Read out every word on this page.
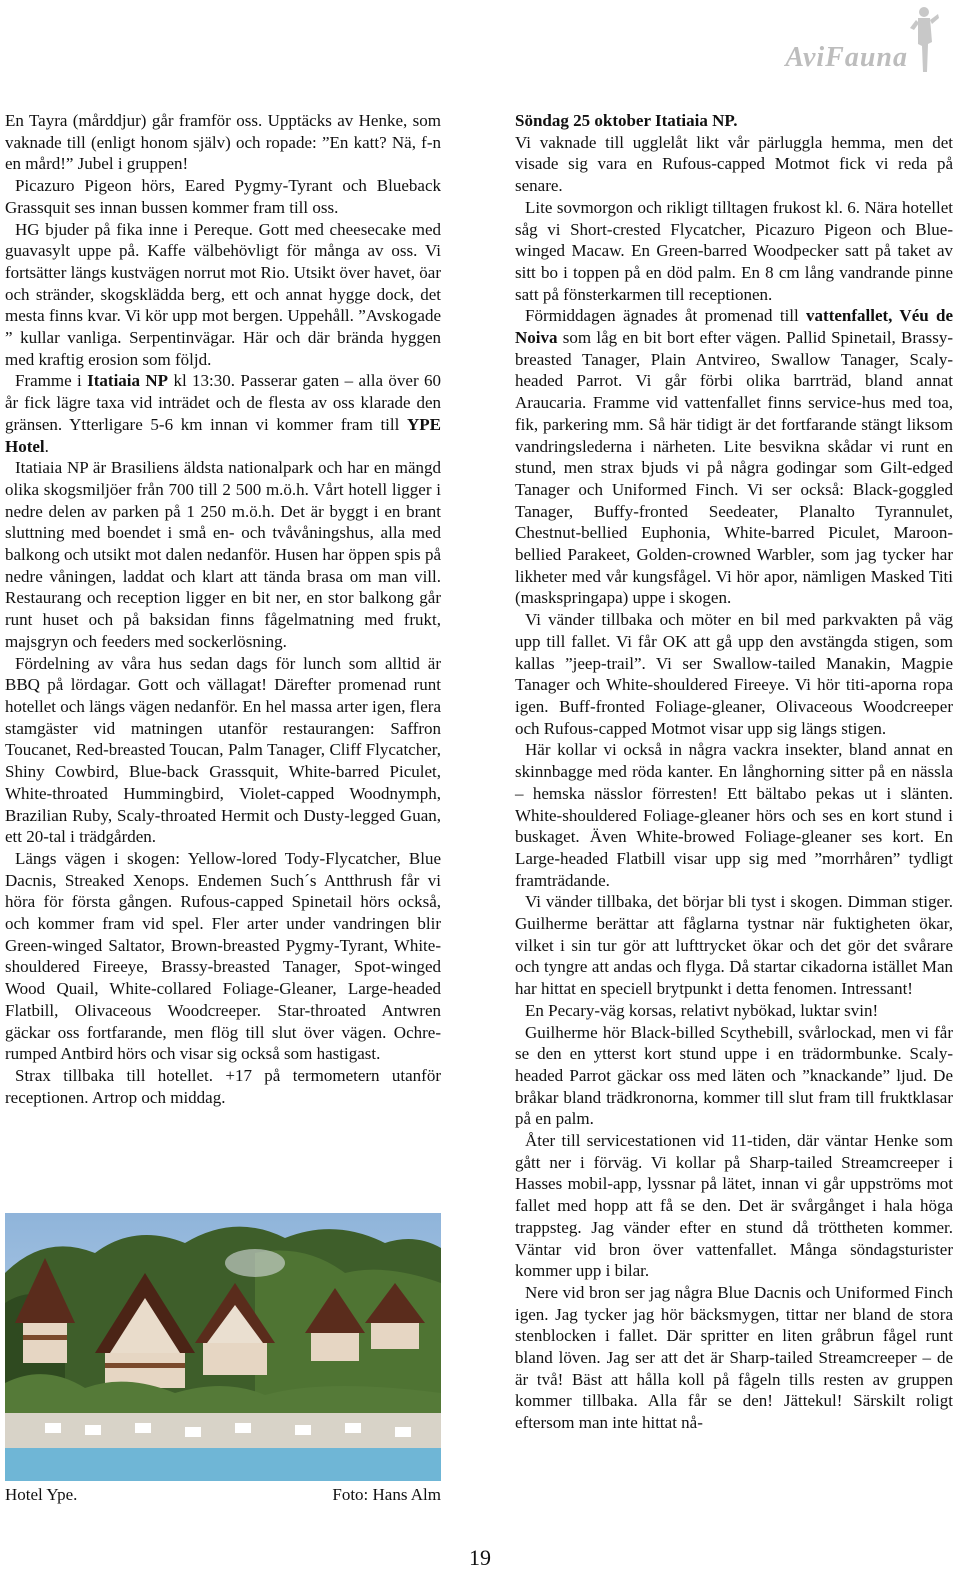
AviFauna

En Tayra (mårddjur) går framför oss. Upptäcks av Henke, som vaknade till (enligt honom själv) och ropade: ”En katt? Nä, f-n en mård!” Jubel i gruppen!

Picazuro Pigeon hörs, Eared Pygmy-Tyrant och Blueback Grassquit ses innan bussen kommer fram till oss.

HG bjuder på fika inne i Pereque. Gott med cheesecake med guavasylt uppe på. Kaffe välbehövligt för många av oss. Vi fortsätter längs kustvägen norrut mot Rio. Utsikt över havet, öar och stränder, skogsklädda berg, ett och annat hygge dock, det mesta finns kvar. Vi kör upp mot bergen. Uppehåll. ”Avskogade ” kullar vanliga. Serpentinvägar. Här och där brända hyggen med kraftig erosion som följd.

Framme i Itatiaia NP kl 13:30. Passerar gaten – alla över 60 år fick lägre taxa vid inträdet och de flesta av oss klarade den gränsen. Ytterligare 5-6 km innan vi kommer fram till YPE Hotel.

Itatiaia NP är Brasiliens äldsta nationalpark och har en mängd olika skogsmiljöer från 700 till 2 500 m.ö.h. Vårt hotell ligger i nedre delen av parken på 1 250 m.ö.h. Det är byggt i en brant sluttning med boendet i små en- och tvåvåningshus, alla med balkong och utsikt mot dalen nedanför. Husen har öppen spis på nedre våningen, laddat och klart att tända brasa om man vill. Restaurang och reception ligger en bit ner, en stor balkong går runt huset och på baksidan finns fågelmatning med frukt, majsgryn och feeders med sockerlösning.

Fördelning av våra hus sedan dags för lunch som alltid är BBQ på lördagar. Gott och vällagat! Därefter promenad runt hotellet och längs vägen nedanför. En hel massa arter igen, flera stamgäster vid matningen utanför restaurangen: Saffron Toucanet, Red-breasted Toucan, Palm Tanager, Cliff Flycatcher, Shiny Cowbird, Blue-back Grassquit, White-barred Piculet, White-throated Hummingbird, Violet-capped Woodnymph, Brazilian Ruby, Scaly-throated Hermit och Dusty-legged Guan, ett 20-tal i trädgården.

Längs vägen i skogen: Yellow-lored Tody-Flycatcher, Blue Dacnis, Streaked Xenops. Endemen Such´s Antthrush får vi höra för första gången. Rufous-capped Spinetail hörs också, och kommer fram vid spel. Fler arter under vandringen blir Green-winged Saltator, Brown-breasted Pygmy-Tyrant, White-shouldered Fireeye, Brassy-breasted Tanager, Spot-winged Wood Quail, White-collared Foliage-Gleaner, Large-headed Flatbill, Olivaceous Woodcreeper. Star-throated Antwren gäckar oss fortfarande, men flög till slut över vägen. Ochre-rumped Antbird hörs och visar sig också som hastigast.

Strax tillbaka till hotellet. +17 på termometern utanför receptionen. Artrop och middag.

Hotel Ype.	Foto: Hans Alm

Söndag 25 oktober Itatiaia NP.

Vi vaknade till ugglelåt likt vår pärluggla hemma, men det visade sig vara en Rufous-capped Motmot fick vi reda på senare.

Lite sovmorgon och rikligt tilltagen frukost kl. 6. Nära hotellet såg vi Short-crested Flycatcher, Picazuro Pigeon och Blue-winged Macaw. En Green-barred Woodpecker satt på taket av sitt bo i toppen på en död palm. En 8 cm lång vandrande pinne satt på fönsterkarmen till receptionen.

Förmiddagen ägnades åt promenad till vattenfallet, Véu de Noiva som låg en bit bort efter vägen. Pallid Spinetail, Brassy-breasted Tanager, Plain Antvireo, Swallow Tanager, Scaly-headed Parrot. Vi går förbi olika barrträd, bland annat Araucaria. Framme vid vattenfallet finns service-hus med toa, fik, parkering mm. Så här tidigt är det fortfarande stängt liksom vandringslederna i närheten. Lite besvikna skådar vi runt en stund, men strax bjuds vi på några godingar som Gilt-edged Tanager och Uniformed Finch. Vi ser också: Black-goggled Tanager, Buffy-fronted Seedeater, Planalto Tyrannulet, Chestnut-bellied Euphonia, White-barred Piculet, Maroon-bellied Parakeet, Golden-crowned Warbler, som jag tycker har likheter med vår kungsfågel. Vi hör apor, nämligen Masked Titi (maskspringapa) uppe i skogen.

Vi vänder tillbaka och möter en bil med parkvakten på väg upp till fallet. Vi får OK att gå upp den avstängda stigen, som kallas ”jeep-trail”. Vi ser Swallow-tailed Manakin, Magpie Tanager och White-shouldered Fireeye. Vi hör titi-aporna ropa igen. Buff-fronted Foliage-gleaner, Olivaceous Woodcreeper och Rufous-capped Motmot visar upp sig längs stigen.

Här kollar vi också in några vackra insekter, bland annat en skinnbagge med röda kanter. En långhorning sitter på en nässla – hemska nässlor förresten! Ett bältabo pekas ut i slänten. White-shouldered Foliage-gleaner hörs och ses en kort stund i buskaget. Även White-browed Foliage-gleaner ses kort. En Large-headed Flatbill visar upp sig med ”morrhåren” tydligt framträdande.

Vi vänder tillbaka, det börjar bli tyst i skogen. Dimman stiger. Guilherme berättar att fåglarna tystnar när fuktigheten ökar, vilket i sin tur gör att lufttrycket ökar och det gör det svårare och tyngre att andas och flyga. Då startar cikadorna istället Man har hittat en speciell brytpunkt i detta fenomen. Intressant!

En Pecary-väg korsas, relativt nybökad, luktar svin!

Guilherme hör Black-billed Scythebill, svårlockad, men vi får se den en ytterst kort stund uppe i en trädormbunke. Scaly-headed Parrot gäckar oss med läten och ”knackande” ljud. De bråkar bland trädkronorna, kommer till slut fram till fruktklasar på en palm.

Åter till servicestationen vid 11-tiden, där väntar Henke som gått ner i förväg. Vi kollar på Sharp-tailed Streamcreeper i Hasses mobil-app, lyssnar på lätet, innan vi går uppströms mot fallet med hopp att få se den. Det är svårgånget i hala höga trappsteg. Jag vänder efter en stund då tröttheten kommer. Väntar vid bron över vattenfallet. Många söndagsturister kommer upp i bilar.

Nere vid bron ser jag några Blue Dacnis och Uniformed Finch igen. Jag tycker jag hör bäcksmygen, tittar ner bland de stora stenblocken i fallet. Där spritter en liten gråbrun fågel runt bland löven. Jag ser att det är Sharp-tailed Streamcreeper – de är två! Bäst att hålla koll på fågeln tills resten av gruppen kommer tillbaka. Alla får se den! Jättekul! Särskilt roligt eftersom man inte hittat nå-

19
